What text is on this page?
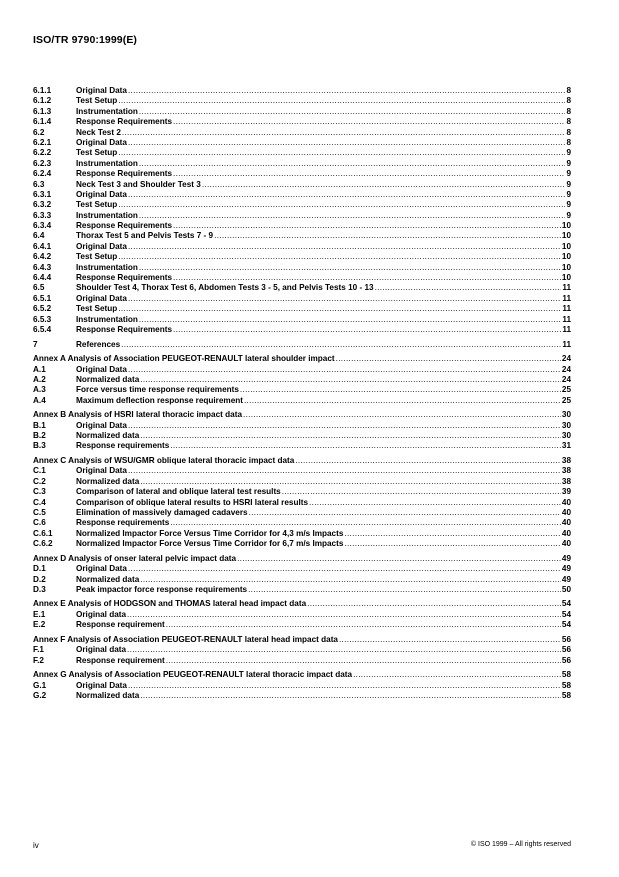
ISO/TR 9790:1999(E)
6.1.1	Original Data .....	8
6.1.2	Test Setup .....	8
6.1.3	Instrumentation .....	8
6.1.4	Response Requirements .....	8
6.2	Neck Test 2 .....	8
6.2.1	Original Data .....	8
6.2.2	Test Setup .....	9
6.2.3	Instrumentation .....	9
6.2.4	Response Requirements .....	9
6.3	Neck Test 3 and Shoulder Test 3 .....	9
6.3.1	Original Data .....	9
6.3.2	Test Setup .....	9
6.3.3	Instrumentation .....	9
6.3.4	Response Requirements .....	10
6.4	Thorax Test 5 and Pelvis Tests 7 - 9 .....	10
6.4.1	Original Data .....	10
6.4.2	Test Setup .....	10
6.4.3	Instrumentation .....	10
6.4.4	Response Requirements .....	10
6.5	Shoulder Test 4, Thorax Test 6, Abdomen Tests 3 - 5, and Pelvis Tests 10 - 13 .....	11
6.5.1	Original Data .....	11
6.5.2	Test Setup .....	11
6.5.3	Instrumentation .....	11
6.5.4	Response Requirements .....	11
7	References .....	11
Annex A Analysis of Association PEUGEOT-RENAULT lateral shoulder impact .....	24
A.1	Original Data .....	24
A.2	Normalized data .....	24
A.3	Force versus time response requirements .....	25
A.4	Maximum deflection response requirement .....	25
Annex B Analysis of HSRI lateral thoracic impact data .....	30
B.1	Original Data .....	30
B.2	Normalized data .....	30
B.3	Response requirements .....	31
Annex C Analysis of WSU/GMR oblique lateral thoracic impact data .....	38
C.1	Original Data .....	38
C.2	Normalized data .....	38
C.3	Comparison of lateral and oblique lateral test results .....	39
C.4	Comparison of oblique lateral results to HSRI lateral results .....	40
C.5	Elimination of massively damaged cadavers .....	40
C.6	Response requirements .....	40
C.6.1	Normalized Impactor Force Versus Time Corridor for 4,3 m/s Impacts .....	40
C.6.2	Normalized Impactor Force Versus Time Corridor for 6,7 m/s Impacts .....	40
Annex D Analysis of onser lateral pelvic impact data .....	49
D.1	Original Data .....	49
D.2	Normalized data .....	49
D.3	Peak impactor force response requirements .....	50
Annex E Analysis of HODGSON and THOMAS lateral head impact data .....	54
E.1	Original data .....	54
E.2	Response requirement .....	54
Annex F Analysis of Association PEUGEOT-RENAULT lateral head impact data .....	56
F.1	Original data .....	56
F.2	Response requirement .....	56
Annex G Analysis of Association PEUGEOT-RENAULT lateral thoracic impact data .....	58
G.1	Original Data .....	58
G.2	Normalized data .....	58
iv	© ISO 1999 – All rights reserved
